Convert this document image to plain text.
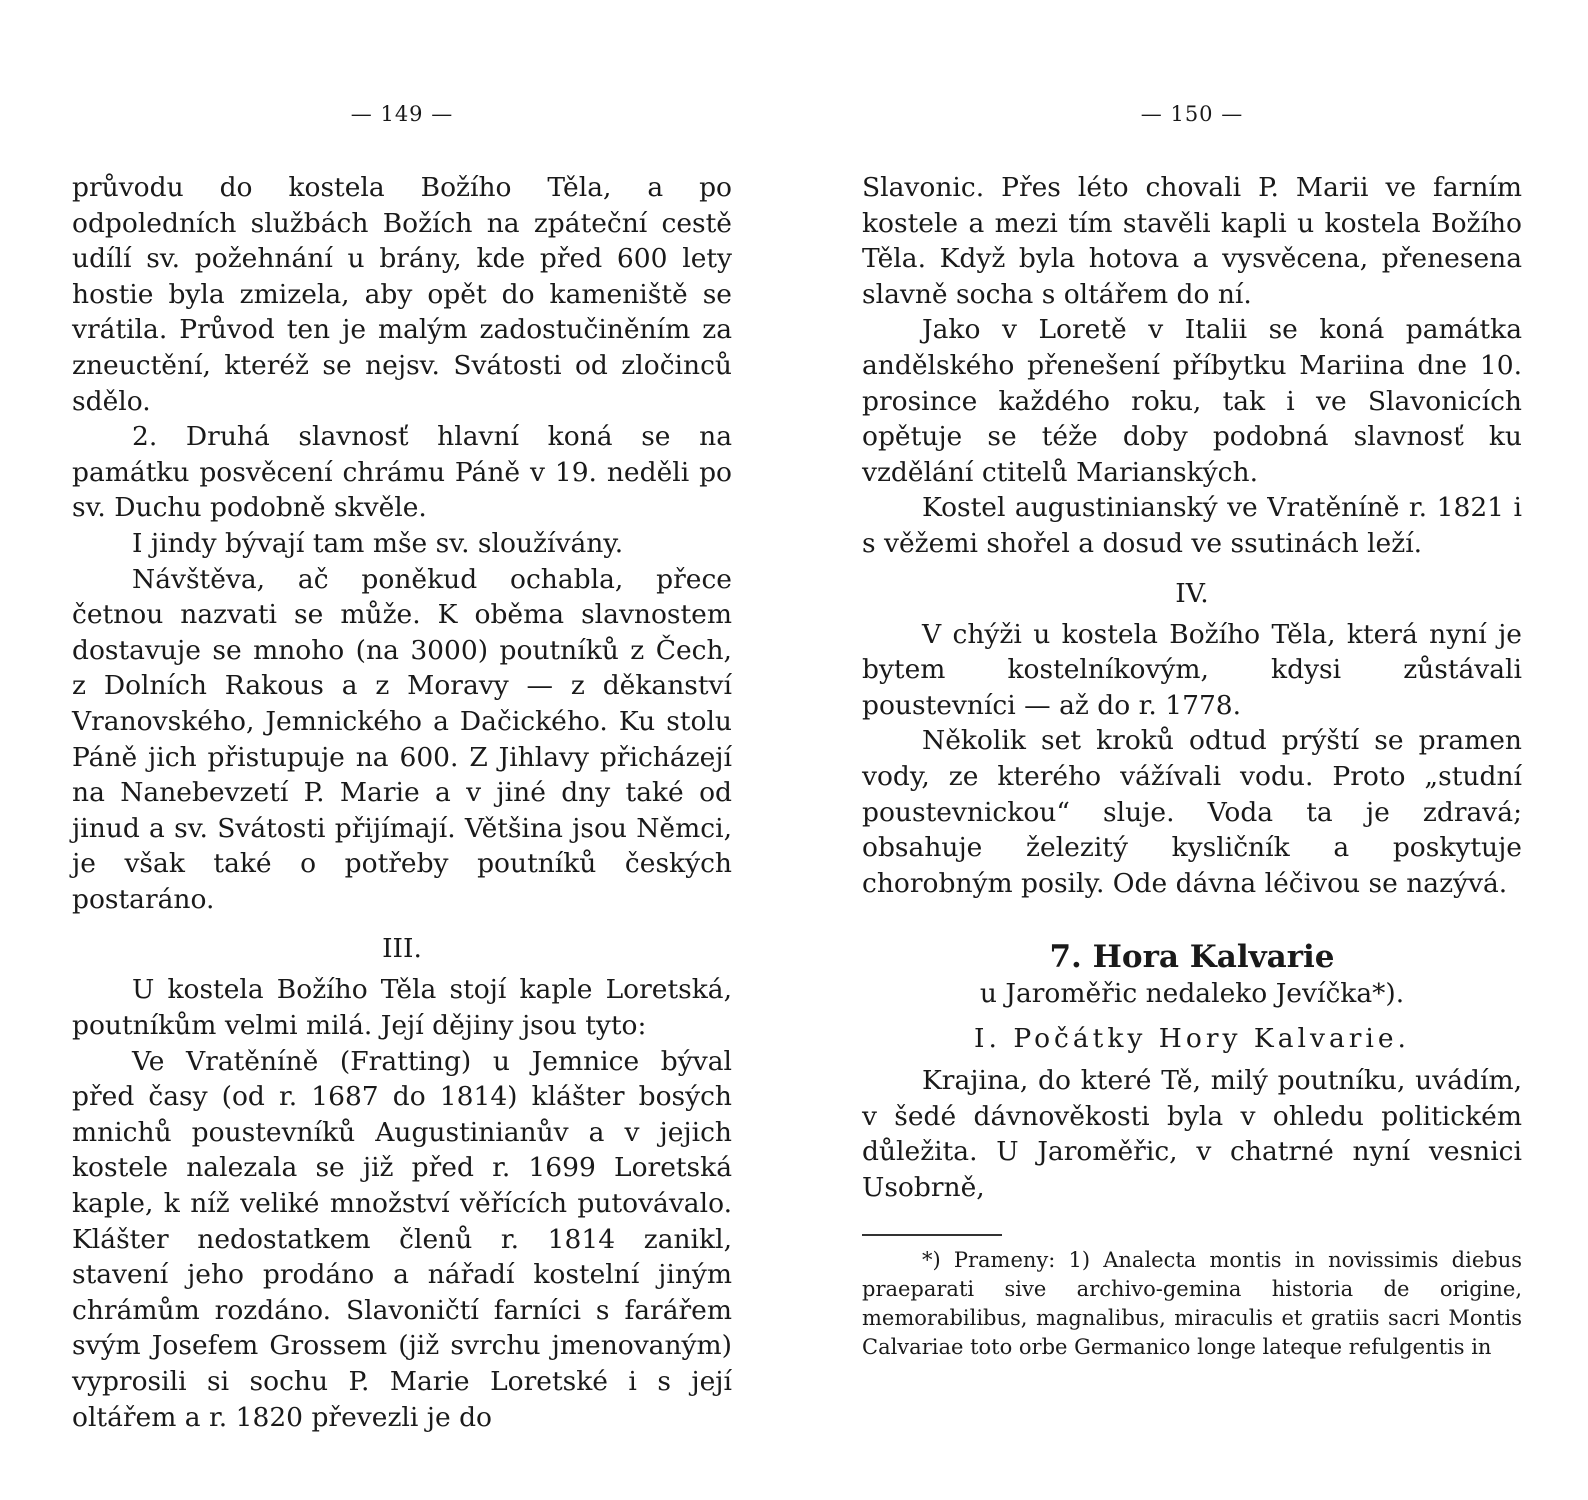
— 149 —

průvodu do kostela Božího Těla, a po odpoledních službách Božích na zpáteční cestě udílí sv. požehnání u brány, kde před 600 lety hostie byla zmizela, aby opět do kameniště se vrátila. Průvod ten je malým zadostučiněním za zneuctění, kteréž se nejsv. Svátosti od zločinců sdělo.

2. Druhá slavnosť hlavní koná se na památku posvěcení chrámu Páně v 19. neděli po sv. Duchu podobně skvěle.

I jindy bývají tam mše sv. sloužívány.

Návštěva, ač poněkud ochabla, přece četnou nazvati se může. K oběma slavnostem dostavuje se mnoho (na 3000) poutníků z Čech, z Dolních Rakous a z Moravy — z děkanství Vranovského, Jemnického a Dačického. Ku stolu Páně jich přistupuje na 600. Z Jihlavy přicházejí na Nanebevzetí P. Marie a v jiné dny také od jinud a sv. Svátosti přijímají. Většina jsou Němci, je však také o potřeby poutníků českých postaráno.

III.

U kostela Božího Těla stojí kaple Loretská, poutníkům velmi milá. Její dějiny jsou tyto:

Ve Vratěníně (Fratting) u Jemnice býval před časy (od r. 1687 do 1814) klášter bosých mnichů poustevníků Augustinianův a v jejich kostele nalezala se již před r. 1699 Loretská kaple, k níž veliké množství věřících putovávalo. Klášter nedostatkem členů r. 1814 zanikl, stavení jeho prodáno a nářadí kostelní jiným chrámům rozdáno. Slavoničtí farníci s farářem svým Josefem Grossem (již svrchu jmenovaným) vyprosili si sochu P. Marie Loretské i s její oltářem a r. 1820 převezli je do

— 150 —

Slavonic. Přes léto chovali P. Marii ve farním kostele a mezi tím stavěli kapli u kostela Božího Těla. Když byla hotova a vysvěcena, přenesena slavně socha s oltářem do ní.

Jako v Loretě v Italii se koná památka andělského přenešení příbytku Mariina dne 10. prosince každého roku, tak i ve Slavonicích opětuje se téže doby podobná slavnosť ku vzdělání ctitelů Marianských.

Kostel augustinianský ve Vratěníně r. 1821 i s věžemi shořel a dosud ve ssutinách leží.

IV.

V chýži u kostela Božího Těla, která nyní je bytem kostelníkovým, kdysi zůstávali poustevníci — až do r. 1778.

Několik set kroků odtud prýští se pramen vody, ze kterého vážívali vodu. Proto „studní poustevnickou“ sluje. Voda ta je zdravá; obsahuje železitý kysličník a poskytuje chorobným posily. Ode dávna léčivou se nazývá.

7. Hora Kalvarie
u Jaroměřic nedaleko Jevíčka*).
I. Počátky Hory Kalvarie.

Krajina, do které Tě, milý poutníku, uvádím, v šedé dávnověkosti byla v ohledu politickém důležita. U Jaroměřic, v chatrné nyní vesnici Usobrně,

*) Prameny: 1) Analecta montis in novissimis diebus praeparati sive archivo-gemina historia de origine, memorabilibus, magnalibus, miraculis et gratiis sacri Montis Calvariae toto orbe Germanico longe lateque refulgentis in
